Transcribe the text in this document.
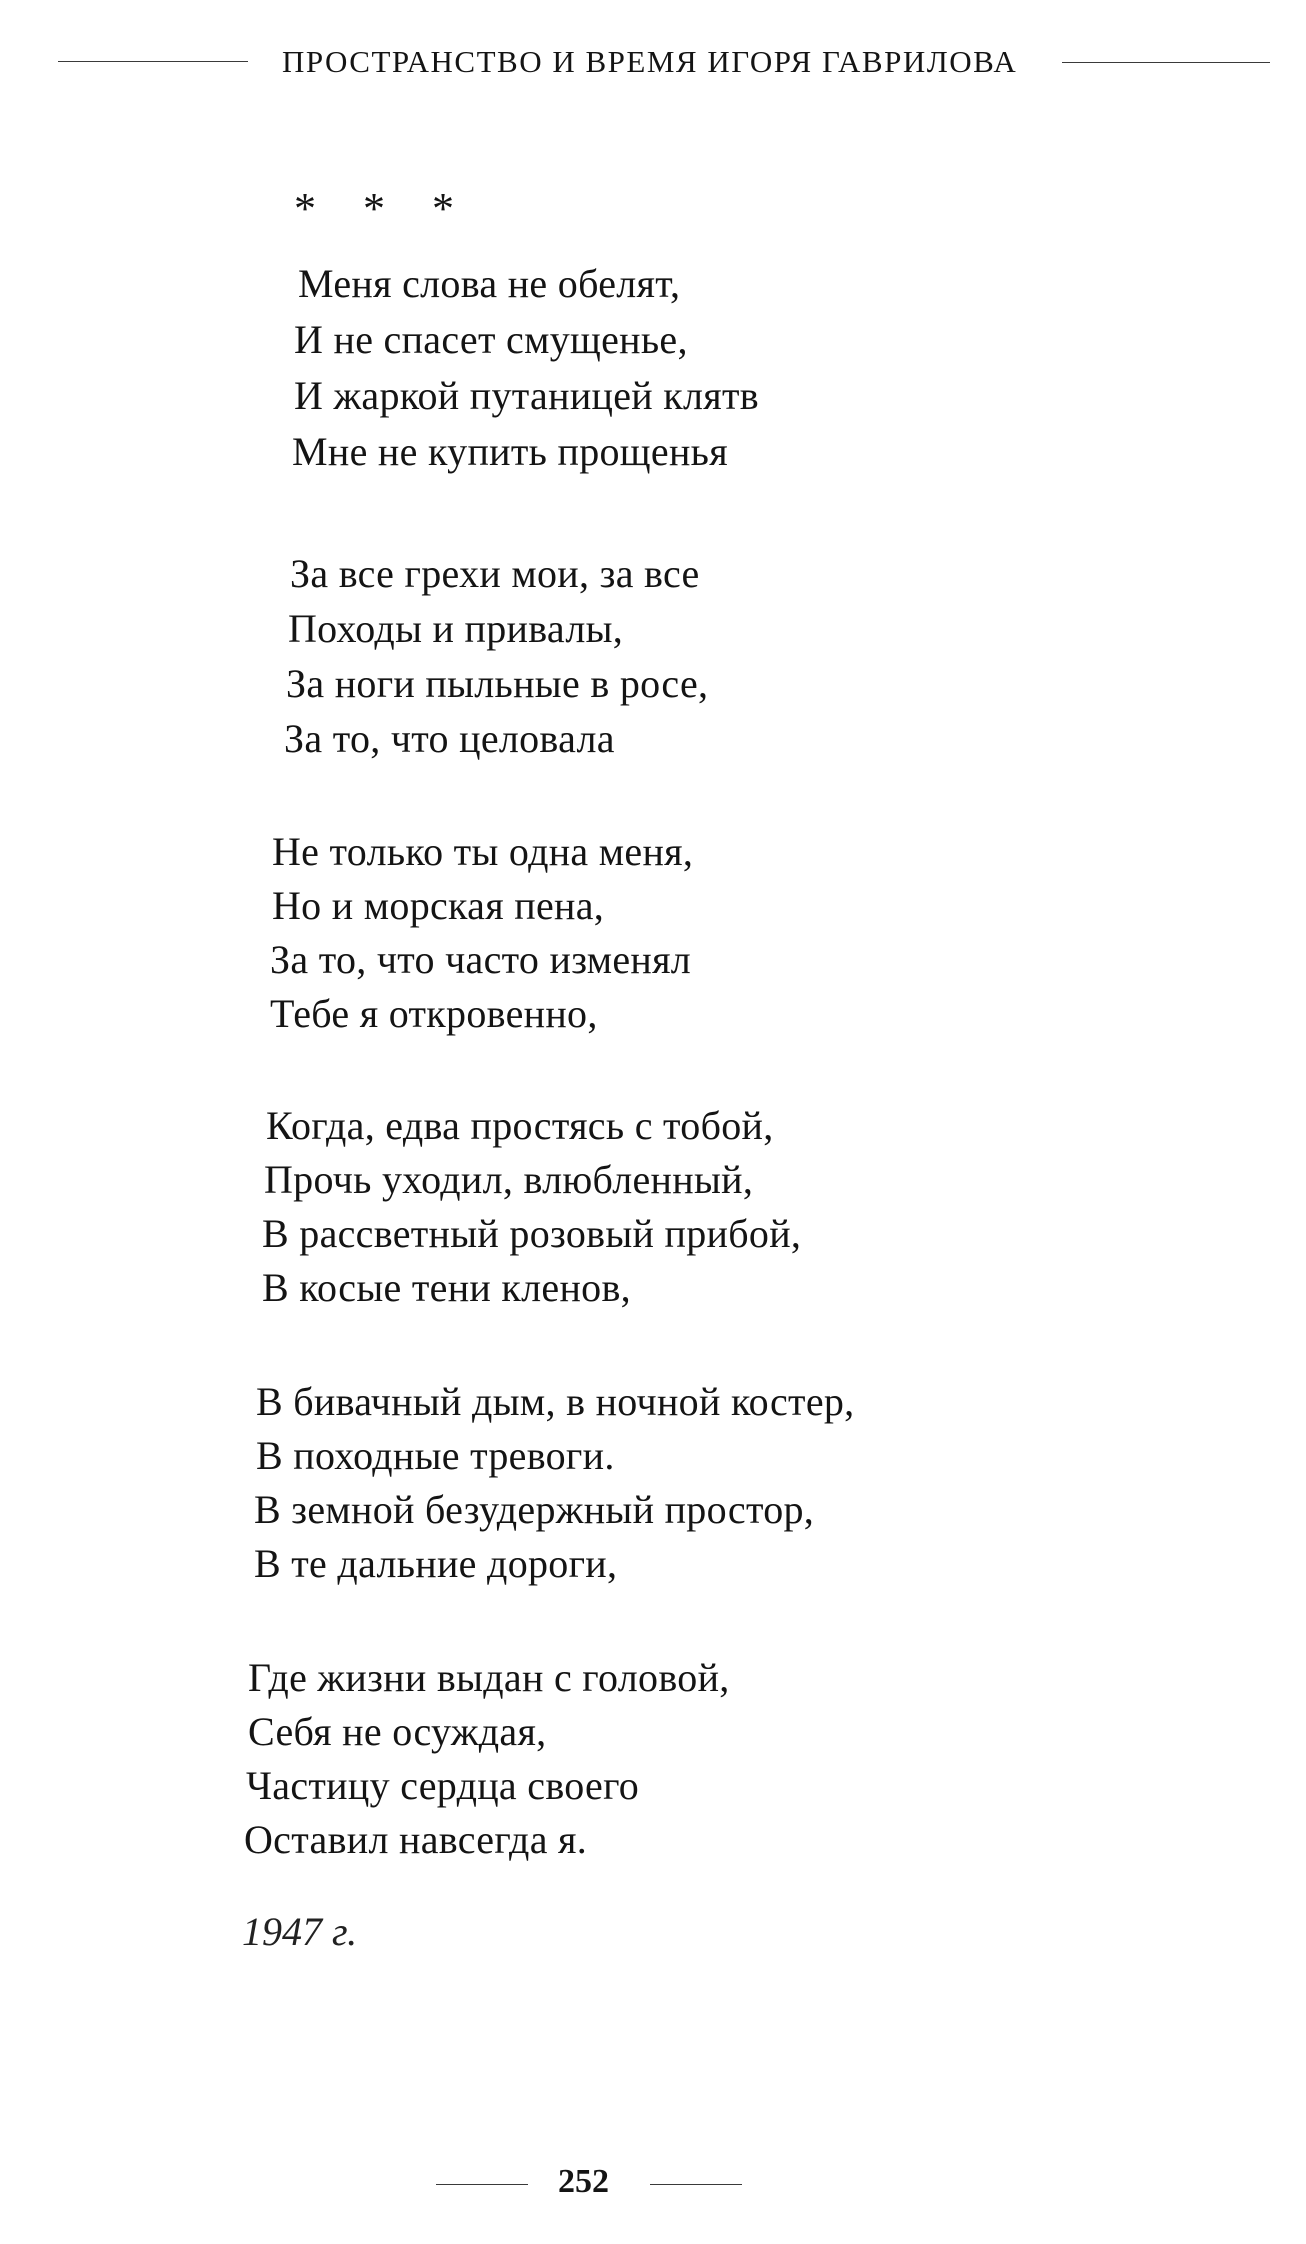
ПРОСТРАНСТВО И ВРЕМЯ ИГОРЯ ГАВРИЛОВА
* * *
Меня слова не обелят,
И не спасет смущенье,
И жаркой путаницей клятв
Мне не купить прощенья
За все грехи мои, за все
Походы и привалы,
За ноги пыльные в росе,
За то, что целовала
Не только ты одна меня,
Но и морская пена,
За то, что часто изменял
Тебе я откровенно,
Когда, едва простясь с тобой,
Прочь уходил, влюбленный,
В рассветный розовый прибой,
В косые тени кленов,
В бивачный дым, в ночной костер,
В походные тревоги.
В земной безудержный простор,
В те дальние дороги,
Где жизни выдан с головой,
Себя не осуждая,
Частицу сердца своего
Оставил навсегда я.
1947 г.
252
